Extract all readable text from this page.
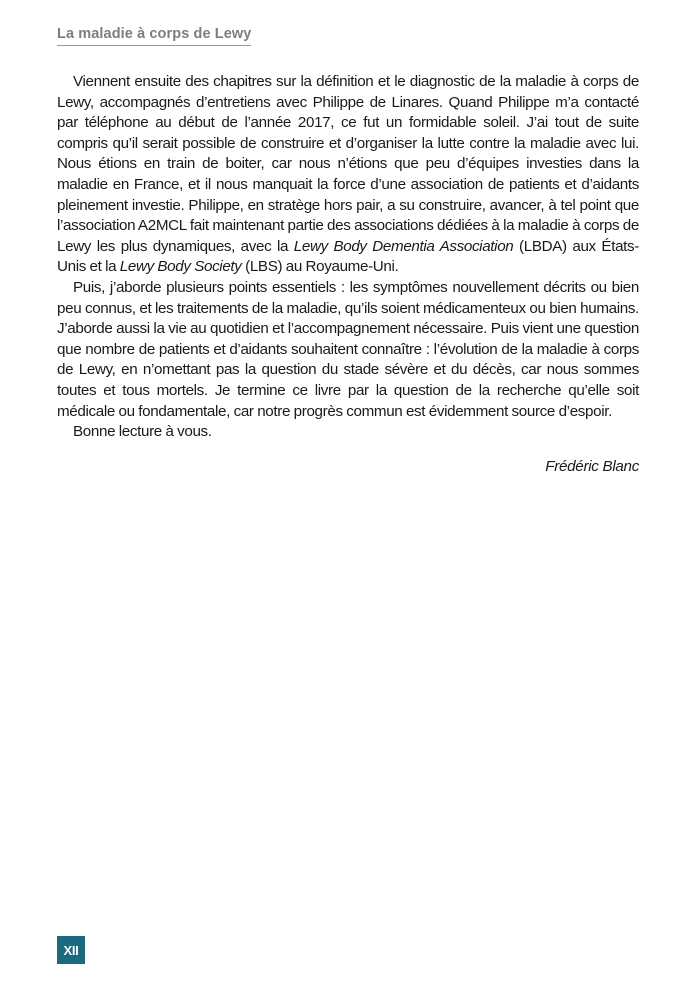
La maladie à corps de Lewy

Viennent ensuite des chapitres sur la définition et le diagnostic de la maladie à corps de Lewy, accompagnés d’entretiens avec Philippe de Linares. Quand Philippe m’a contacté par téléphone au début de l’année 2017, ce fut un formidable soleil. J’ai tout de suite compris qu’il serait possible de construire et d’organiser la lutte contre la maladie avec lui. Nous étions en train de boiter, car nous n’étions que peu d’équipes investies dans la maladie en France, et il nous manquait la force d’une association de patients et d’aidants pleinement investie. Philippe, en stratège hors pair, a su construire, avancer, à tel point que l’association A2MCL fait maintenant partie des associations dédiées à la maladie à corps de Lewy les plus dynamiques, avec la Lewy Body Dementia Association (LBDA) aux États-Unis et la Lewy Body Society (LBS) au Royaume-Uni.

Puis, j’aborde plusieurs points essentiels : les symptômes nouvellement décrits ou bien peu connus, et les traitements de la maladie, qu’ils soient médicamenteux ou bien humains. J’aborde aussi la vie au quotidien et l’accompagnement nécessaire. Puis vient une question que nombre de patients et d’aidants souhaitent connaître : l’évolution de la maladie à corps de Lewy, en n’omettant pas la question du stade sévère et du décès, car nous sommes toutes et tous mortels. Je termine ce livre par la question de la recherche qu’elle soit médicale ou fondamentale, car notre progrès commun est évidemment source d’espoir.

Bonne lecture à vous.

Frédéric Blanc
XII
